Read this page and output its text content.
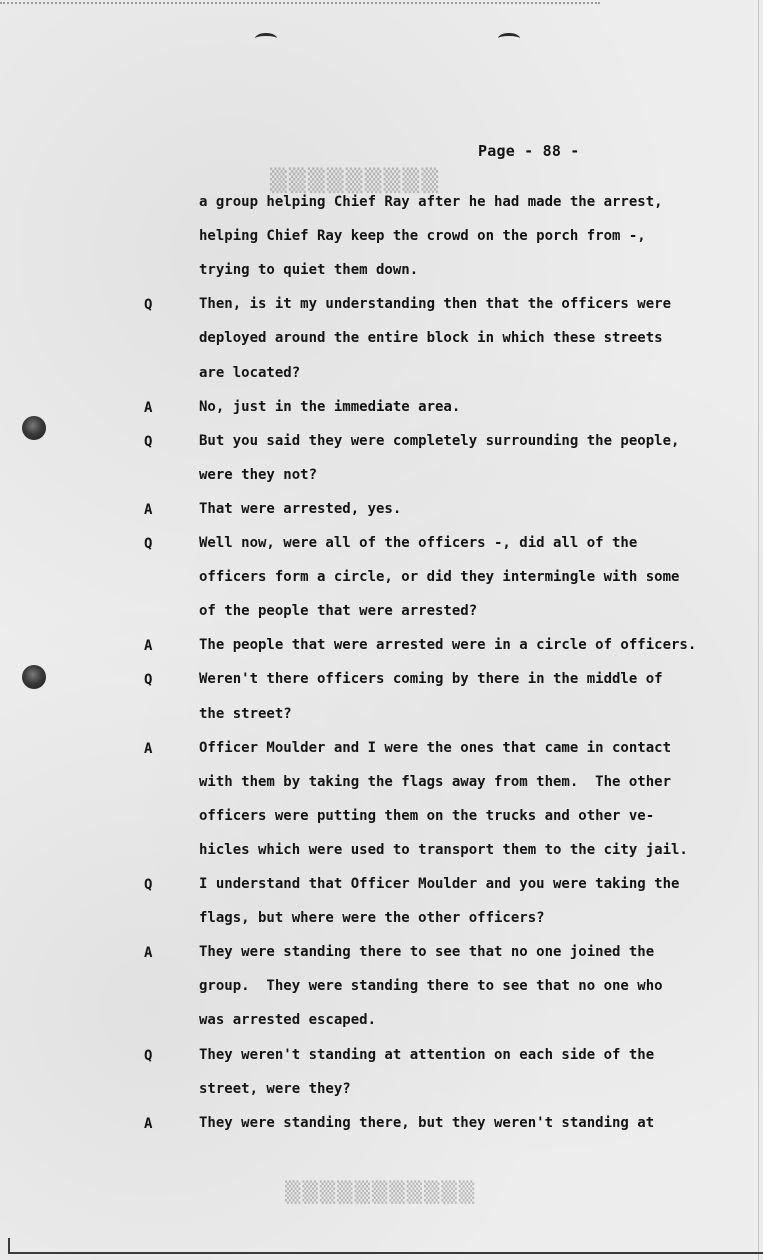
▒▒▒▒▒▒▒▒▒
▒▒▒▒▒▒▒▒▒▒▒
Page - 88 -
a group helping Chief Ray after he had made the arrest,
helping Chief Ray keep the crowd on the porch from -,
trying to quiet them down.
Q	Then, is it my understanding then that the officers were
deployed around the entire block in which these streets
are located?
A	No, just in the immediate area.
Q	But you said they were completely surrounding the people,
were they not?
A	That were arrested, yes.
Q	Well now, were all of the officers -, did all of the
officers form a circle, or did they intermingle with some
of the people that were arrested?
A	The people that were arrested were in a circle of officers.
Q	Weren't there officers coming by there in the middle of
the street?
A	Officer Moulder and I were the ones that came in contact
with them by taking the flags away from them.  The other
officers were putting them on the trucks and other ve-
hicles which were used to transport them to the city jail.
Q	I understand that Officer Moulder and you were taking the
flags, but where were the other officers?
A	They were standing there to see that no one joined the
group.  They were standing there to see that no one who
was arrested escaped.
Q	They weren't standing at attention on each side of the
street, were they?
A	They were standing there, but they weren't standing at
